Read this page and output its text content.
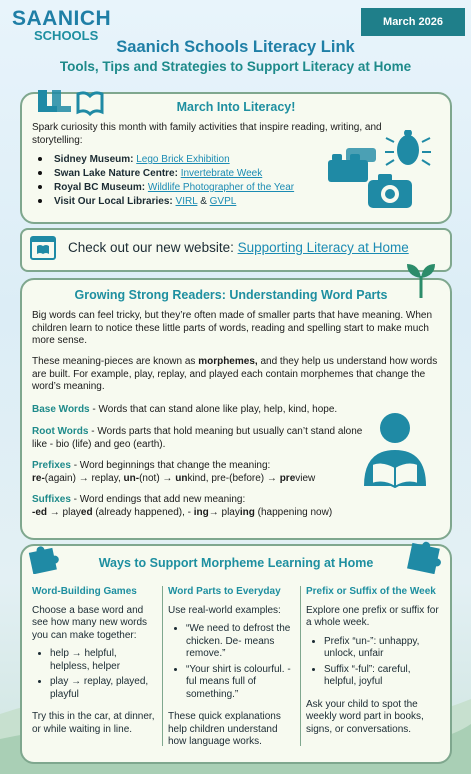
SAANICH
SCHOOLS
March 2026
Saanich Schools Literacy Link
Tools, Tips and Strategies to Support Literacy at Home
March Into Literacy!
Spark curiosity this month with family activities that inspire reading, writing, and storytelling:
Sidney Museum: Lego Brick Exhibition
Swan Lake Nature Centre: Invertebrate Week
Royal BC Museum: Wildlife Photographer of the Year
Visit Our Local Libraries: VIRL & GVPL
Check out our new website: Supporting Literacy at Home
Growing Strong Readers: Understanding Word Parts
Big words can feel tricky, but they’re often made of smaller parts that have meaning. When children learn to notice these little parts of words, reading and spelling start to make much more sense.
These meaning-pieces are known as morphemes, and they help us understand how words are built. For example, play, replay, and played each contain morphemes that change the word’s meaning.
Base Words - Words that can stand alone like play, help, kind, hope.
Root Words - Words parts that hold meaning but usually can’t stand alone like - bio (life) and geo (earth).
Prefixes - Word beginnings that change the meaning:
re-(again) → replay, un-(not) → unkind, pre-(before) → preview
Suffixes - Word endings that add new meaning:
-ed → played (already happened), - ing→ playing (happening now)
Ways to Support Morpheme Learning at Home
Word-Building Games
Choose a base word and see how many new words you can make together:
• help → helpful, helpless, helper
• play → replay, played, playful
Try this in the car, at dinner, or while waiting in line.
Word Parts to Everyday
Use real-world examples:
• “We need to defrost the chicken. De- means remove.”
• “Your shirt is colourful. -ful means full of something.”
These quick explanations help children understand how language works.
Prefix or Suffix of the Week
Explore one prefix or suffix for a whole week.
• Prefix “un-”: unhappy, unlock, unfair
• Suffix “-ful”: careful, helpful, joyful
Ask your child to spot the weekly word part in books, signs, or conversations.
